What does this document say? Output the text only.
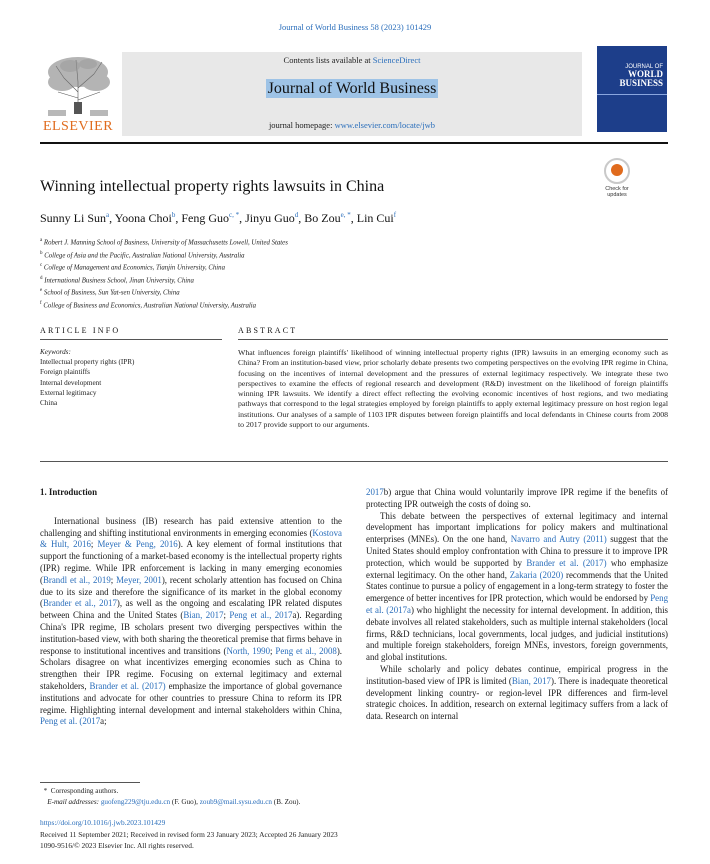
Journal of World Business 58 (2023) 101429
ELSEVIER
Contents lists available at ScienceDirect
Journal of World Business
journal homepage: www.elsevier.com/locate/jwb
JOURNAL OF
WORLD
BUSINESS
Check for
updates
Winning intellectual property rights lawsuits in China
Sunny Li Sun$^a$, Yoona Choi$^b$, Feng Guo$^{c, *}$, Jinyu Guo$^d$, Bo Zou$^{e, *}$, Lin Cui$^f$
$^a$ Robert J. Manning School of Business, University of Massachusetts Lowell, United States
$^b$ College of Asia and the Pacific, Australian National University, Australia
$^c$ College of Management and Economics, Tianjin University, China
$^d$ International Business School, Jinan University, China
$^e$ School of Business, Sun Yat-sen University, China
$^f$ College of Business and Economics, Australian National University, Australia
ARTICLE INFO	ABSTRACT
Keywords:
Intellectual property rights (IPR)
Foreign plaintiffs
Internal development
External legitimacy
China
What influences foreign plaintiffs' likelihood of winning intellectual property rights (IPR) lawsuits in an emerging economy such as China? From an institution-based view, prior scholarly debate presents two competing perspectives on the evolving IPR regime in China, focusing on the incentives of internal development and the pressures of external legitimacy respectively. We integrate these two perspectives to examine the effects of regional research and development (R&D) investment on the likelihood of foreign plaintiffs winning IPR lawsuits. We identify a direct effect reflecting the evolving economic incentives of host regions, and two mediating pathways that correspond to the legal strategies employed by foreign plaintiffs to apply external legitimacy pressure on host region legal institutions. Our analyses of a sample of 1103 IPR disputes between foreign plaintiffs and local defendants in Chinese courts from 2008 to 2017 provide support to our arguments.

1. Introduction

International business (IB) research has paid extensive attention to the challenging and shifting institutional environments in emerging economies (Kostova & Hult, 2016; Meyer & Peng, 2016). A key element of formal institutions that support the functioning of a market-based economy is the intellectual property rights (IPR) regime. While IPR enforcement is lacking in many emerging economies (Brandl et al., 2019; Meyer, 2001), recent scholarly attention has focused on China due to its size and therefore the significance of its market in the global economy (Brander et al., 2017), as well as the ongoing and escalating IPR related disputes between China and the United States (Bian, 2017; Peng et al., 2017a). Regarding China's IPR regime, IB scholars present two diverging perspectives within the institution-based view, with both sharing the theoretical premise that firms behave in response to institutional incentives and transitions (North, 1990; Peng et al., 2008). Scholars disagree on what incentivizes emerging economies such as China to strengthen their IPR regime. Focusing on external legitimacy and external stakeholders, Brander et al. (2017) emphasize the importance of global governance institutions and advocate for other countries to pressure China to reform its IPR regime. Highlighting internal development and internal stakeholders within China, Peng et al. (2017a;

2017b) argue that China would voluntarily improve IPR regime if the benefits of protecting IPR outweigh the costs of doing so.

This debate between the perspectives of external legitimacy and internal development has important implications for policy makers and multinational enterprises (MNEs). On the one hand, Navarro and Autry (2011) suggest that the United States should employ confrontation with China to pressure it to improve IPR protection, which would be supported by Brander et al. (2017) who emphasize external legitimacy. On the other hand, Zakaria (2020) recommends that the United States continue to pursue a policy of engagement in a long-term strategy to foster the emergence of better incentives for IPR protection, which would be endorsed by Peng et al. (2017a) who highlight the necessity for internal development. In addition, this debate involves all related stakeholders, such as multiple internal stakeholders (local firms, R&D technicians, local governments, local judges, and judicial institutions) and multiple foreign stakeholders, foreign MNEs, investors, foreign governments, and global institutions.

While scholarly and policy debates continue, empirical progress in the institution-based view of IPR is limited (Bian, 2017). There is inadequate theoretical development linking country- or region-level IPR differences and firm-level strategic choices. In addition, research on external legitimacy suffers from a lack of data. Research on internal

*  Corresponding authors.
E-mail addresses: guofeng229@tju.edu.cn (F. Guo), zoub9@mail.sysu.edu.cn (B. Zou).
https://doi.org/10.1016/j.jwb.2023.101429
Received 11 September 2021; Received in revised form 23 January 2023; Accepted 26 January 2023
1090-9516/© 2023 Elsevier Inc. All rights reserved.
